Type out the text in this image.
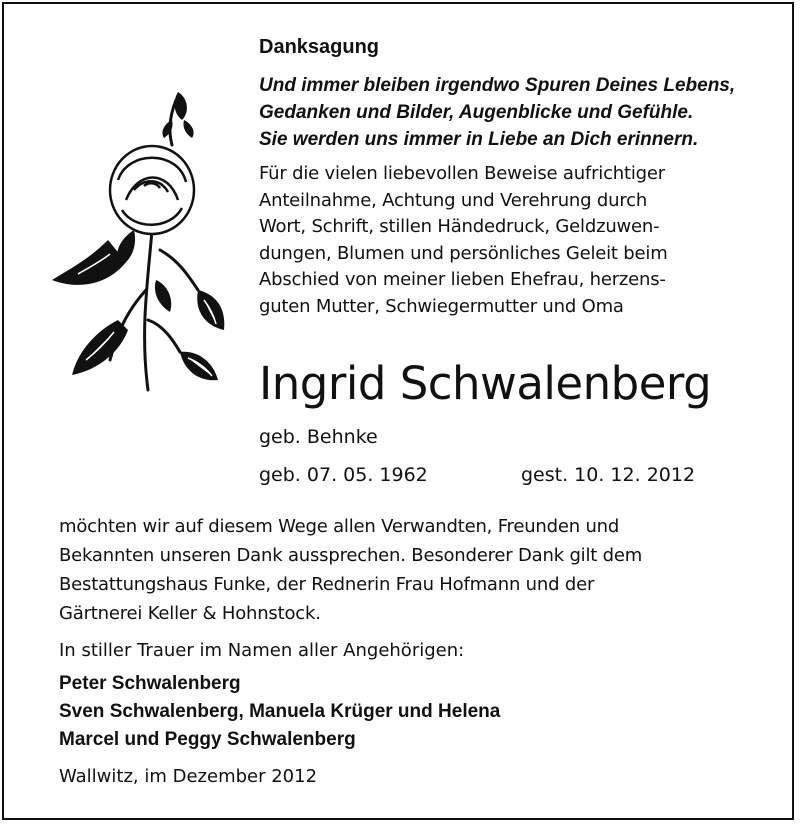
Danksagung
Und immer bleiben irgendwo Spuren Deines Lebens,
Gedanken und Bilder, Augenblicke und Gefühle.
Sie werden uns immer in Liebe an Dich erinnern.
Für die vielen liebevollen Beweise aufrichtiger
Anteilnahme, Achtung und Verehrung durch
Wort, Schrift, stillen Händedruck, Geldzuwen-
dungen, Blumen und persönliches Geleit beim
Abschied von meiner lieben Ehefrau, herzens-
guten Mutter, Schwiegermutter und Oma
Ingrid Schwalenberg
geb. Behnke
geb. 07. 05. 1962	gest. 10. 12. 2012
möchten wir auf diesem Wege allen Verwandten, Freunden und
Bekannten unseren Dank aussprechen. Besonderer Dank gilt dem
Bestattungshaus Funke, der Rednerin Frau Hofmann und der
Gärtnerei Keller & Hohnstock.
In stiller Trauer im Namen aller Angehörigen:
Peter Schwalenberg
Sven Schwalenberg, Manuela Krüger und Helena
Marcel und Peggy Schwalenberg
Wallwitz, im Dezember 2012
